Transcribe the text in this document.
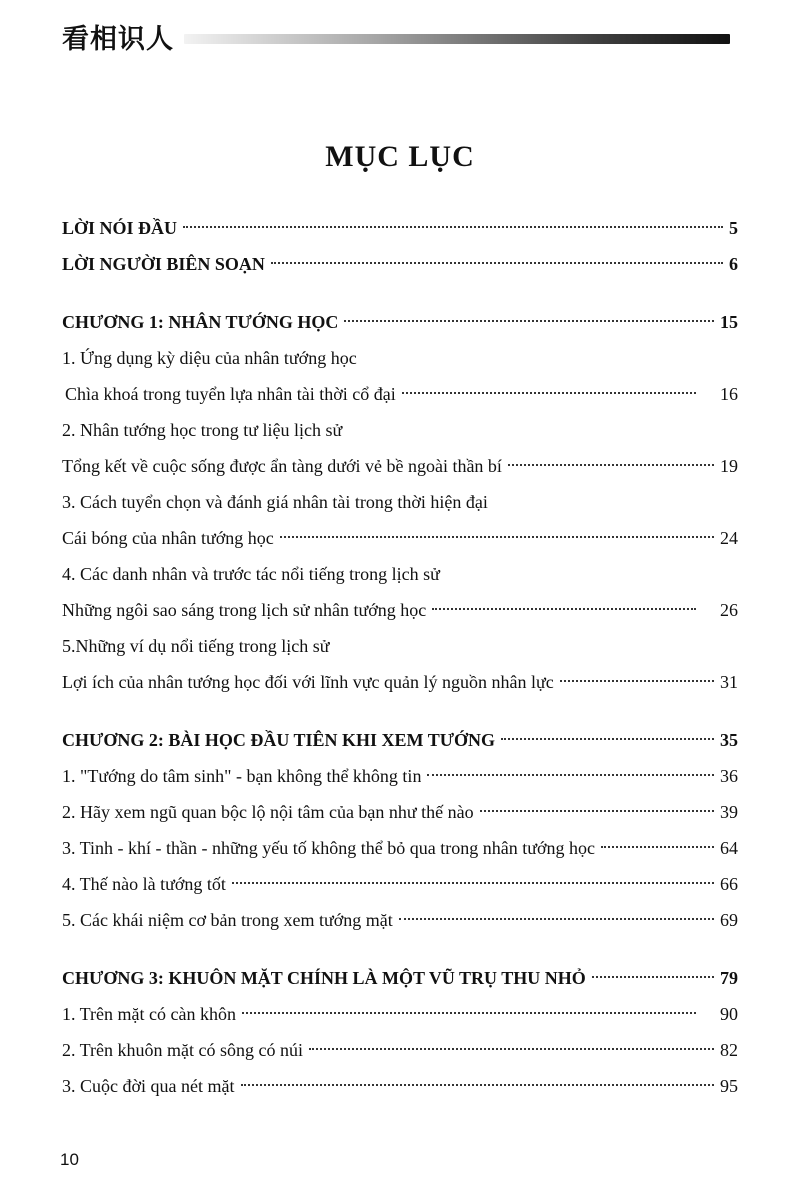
看相识人
MỤC LỤC
LỜI NÓI ĐẦU	5
LỜI NGƯỜI BIÊN SOẠN	6
CHƯƠNG 1: NHÂN TƯỚNG HỌC	15
1. Ứng dụng kỳ diệu của nhân tướng học
Chìa khoá trong tuyển lựa nhân tài thời cổ đại	16
2. Nhân tướng học trong tư liệu lịch sử
Tổng kết về cuộc sống được ẩn tàng dưới vẻ bề ngoài thần bí	19
3. Cách tuyển chọn và đánh giá nhân tài trong thời hiện đại
Cái bóng của nhân tướng học	24
4. Các danh nhân và trước tác nổi tiếng trong lịch sử
Những ngôi sao sáng trong lịch sử nhân tướng học	26
5.Những ví dụ nổi tiếng trong lịch sử
Lợi ích của nhân tướng học đối với lĩnh vực quản lý nguồn nhân lực	31
CHƯƠNG 2: BÀI HỌC ĐẦU TIÊN KHI XEM TƯỚNG	35
1. "Tướng do tâm sinh" - bạn không thể không tin	36
2. Hãy xem ngũ quan bộc lộ nội tâm của bạn như thế nào	39
3. Tinh - khí - thần - những yếu tố không thể bỏ qua trong nhân tướng học	64
4. Thế nào là tướng tốt	66
5. Các khái niệm cơ bản trong xem tướng mặt	69
CHƯƠNG 3: KHUÔN MẶT CHÍNH LÀ MỘT VŨ TRỤ THU NHỎ	79
1. Trên mặt có càn khôn	90
2. Trên khuôn mặt có sông có núi	82
3. Cuộc đời qua nét mặt	95
10
